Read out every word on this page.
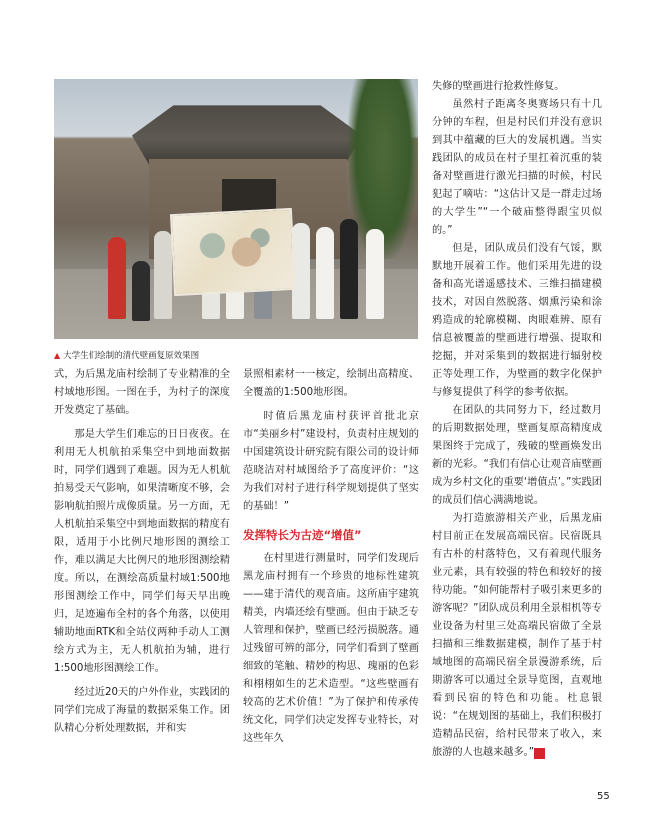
▲ 大学生们绘制的清代壁画复原效果图

式，为后黑龙庙村绘制了专业精准的全村域地形图。一图在手，为村子的深度开发奠定了基础。

那是大学生们难忘的日日夜夜。在利用无人机航拍采集空中到地面数据时，同学们遇到了难题。因为无人机航拍易受天气影响，如果清晰度不够，会影响航拍照片成像质量。另一方面，无人机航拍采集空中到地面数据的精度有限，适用于小比例尺地形图的测绘工作，难以满足大比例尺的地形图测绘精度。所以，在测绘高质量村域1:500地形图测绘工作中，同学们每天早出晚归，足迹遍布全村的各个角落，以使用辅助地面RTK和全站仪两种手动人工测绘方式为主，无人机航拍为辅，进行1:500地形图测绘工作。

经过近20天的户外作业，实践团的同学们完成了海量的数据采集工作。团队精心分析处理数据，并和实

景照相素材一一核定，绘制出高精度、全覆盖的1:500地形图。

时值后黑龙庙村获评首批北京市“美丽乡村”建设村，负责村庄规划的中国建筑设计研究院有限公司的设计师范晓洁对村域图给予了高度评价：“这为我们对村子进行科学规划提供了坚实的基础！”

发挥特长为古迹“增值”

在村里进行测量时，同学们发现后黑龙庙村拥有一个珍贵的地标性建筑——建于清代的观音庙。这所庙宇建筑精美，内墙还绘有壁画。但由于缺乏专人管理和保护，壁画已经污损脱落。通过残留可辨的部分，同学们看到了壁画细致的笔触、精妙的构思、瑰丽的色彩和栩栩如生的艺术造型。“这些壁画有较高的艺术价值！”为了保护和传承传统文化，同学们决定发挥专业特长，对这些年久

失修的壁画进行抢救性修复。

虽然村子距离冬奥赛场只有十几分钟的车程，但是村民们并没有意识到其中蕴藏的巨大的发展机遇。当实践团队的成员在村子里扛着沉重的装备对壁画进行激光扫描的时候，村民犯起了嘀咕：“这估计又是一群走过场的大学生”“一个破庙整得跟宝贝似的。”

但是，团队成员们没有气馁，默默地开展着工作。他们采用先进的设备和高光谱遥感技术、三维扫描建模技术，对因自然脱落、烟熏污染和涂鸦造成的轮廓模糊、肉眼难辨、原有信息被覆盖的壁画进行增强、提取和挖掘，并对采集到的数据进行辐射校正等处理工作，为壁画的数字化保护与修复提供了科学的参考依据。

在团队的共同努力下，经过数月的后期数据处理，壁画复原高精度成果图终于完成了，残破的壁画焕发出新的光彩。“我们有信心让观音庙壁画成为乡村文化的重要‘增值点’。”实践团的成员们信心满满地说。

为打造旅游相关产业，后黑龙庙村目前正在发展高端民宿。民宿既具有古朴的村落特色，又有着现代服务业元素，具有较强的特色和较好的接待功能。“如何能帮村子吸引来更多的游客呢？”团队成员利用全景相机等专业设备为村里三处高端民宿做了全景扫描和三维数据建模，制作了基于村域地图的高端民宿全景漫游系统，后期游客可以通过全景导览图，直观地看到民宿的特色和功能。杜息银说：“在规划图的基础上，我们积极打造精品民宿，给村民带来了收入，来旅游的人也越来越多。”	Z

55
